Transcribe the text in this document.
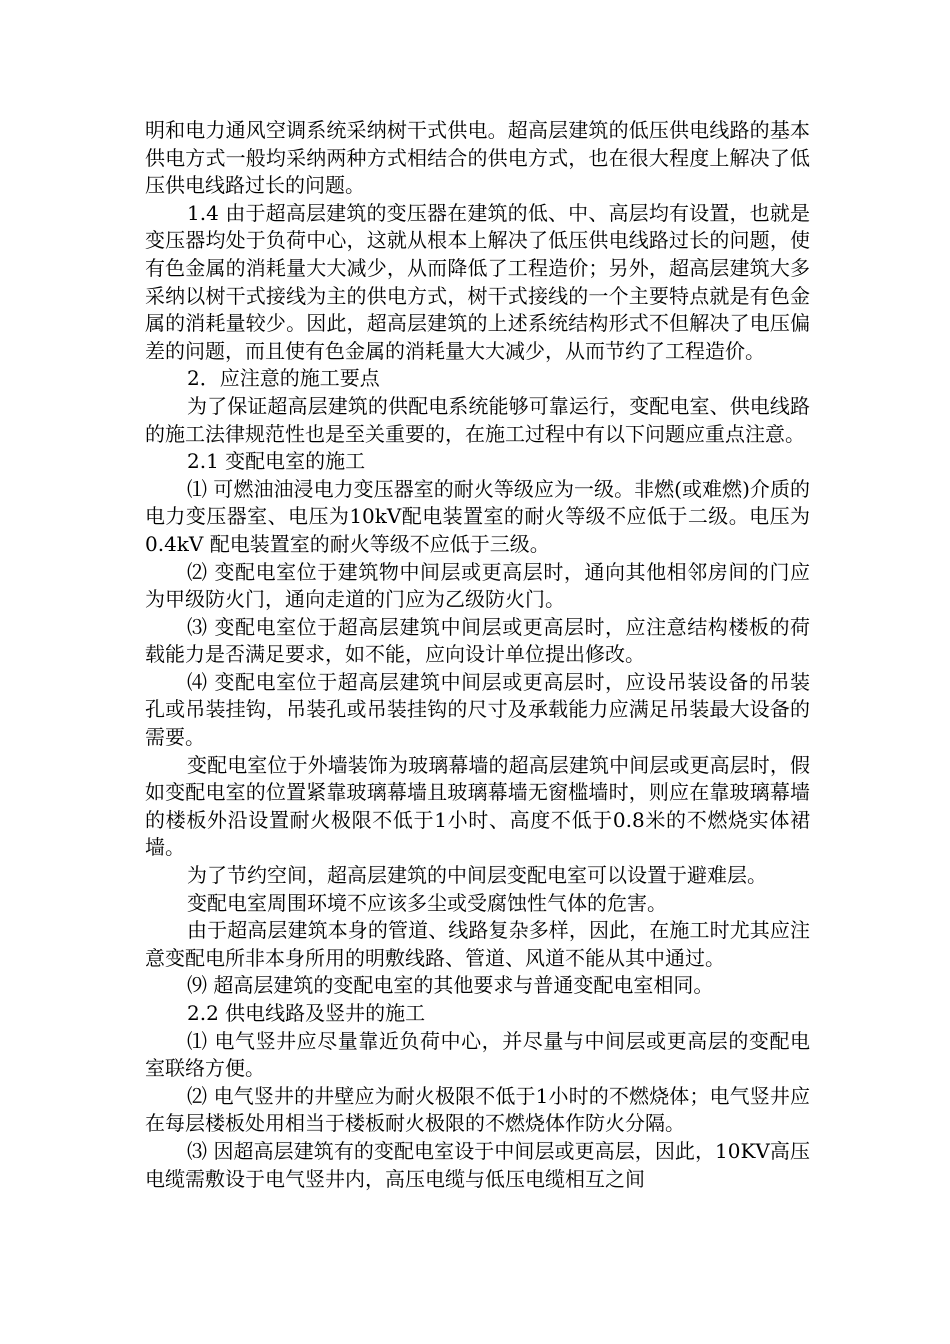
明和电力通风空调系统采纳树干式供电。超高层建筑的低压供电线路的基本供电方式一般均采纳两种方式相结合的供电方式，也在很大程度上解决了低压供电线路过长的问题。

1.4 由于超高层建筑的变压器在建筑的低、中、高层均有设置，也就是变压器均处于负荷中心，这就从根本上解决了低压供电线路过长的问题，使有色金属的消耗量大大减少，从而降低了工程造价；另外，超高层建筑大多采纳以树干式接线为主的供电方式，树干式接线的一个主要特点就是有色金属的消耗量较少。因此，超高层建筑的上述系统结构形式不但解决了电压偏差的问题，而且使有色金属的消耗量大大减少，从而节约了工程造价。

2．应注意的施工要点

为了保证超高层建筑的供配电系统能够可靠运行，变配电室、供电线路的施工法律规范性也是至关重要的，在施工过程中有以下问题应重点注意。

2.1 变配电室的施工

⑴ 可燃油油浸电力变压器室的耐火等级应为一级。非燃(或难燃)介质的电力变压器室、电压为10kV配电装置室的耐火等级不应低于二级。电压为0.4kV 配电装置室的耐火等级不应低于三级。

⑵ 变配电室位于建筑物中间层或更高层时，通向其他相邻房间的门应为甲级防火门，通向走道的门应为乙级防火门。

⑶ 变配电室位于超高层建筑中间层或更高层时，应注意结构楼板的荷载能力是否满足要求，如不能，应向设计单位提出修改。

⑷ 变配电室位于超高层建筑中间层或更高层时，应设吊装设备的吊装孔或吊装挂钩，吊装孔或吊装挂钩的尺寸及承载能力应满足吊装最大设备的需要。

变配电室位于外墙装饰为玻璃幕墙的超高层建筑中间层或更高层时，假如变配电室的位置紧靠玻璃幕墙且玻璃幕墙无窗槛墙时，则应在靠玻璃幕墙的楼板外沿设置耐火极限不低于1小时、高度不低于0.8米的不燃烧实体裙墙。

为了节约空间，超高层建筑的中间层变配电室可以设置于避难层。

变配电室周围环境不应该多尘或受腐蚀性气体的危害。

由于超高层建筑本身的管道、线路复杂多样，因此，在施工时尤其应注意变配电所非本身所用的明敷线路、管道、风道不能从其中通过。

⑼ 超高层建筑的变配电室的其他要求与普通变配电室相同。

2.2 供电线路及竖井的施工

⑴ 电气竖井应尽量靠近负荷中心，并尽量与中间层或更高层的变配电室联络方便。

⑵ 电气竖井的井壁应为耐火极限不低于1小时的不燃烧体；电气竖井应在每层楼板处用相当于楼板耐火极限的不燃烧体作防火分隔。

⑶ 因超高层建筑有的变配电室设于中间层或更高层，因此，10KV高压电缆需敷设于电气竖井内，高压电缆与低压电缆相互之间
